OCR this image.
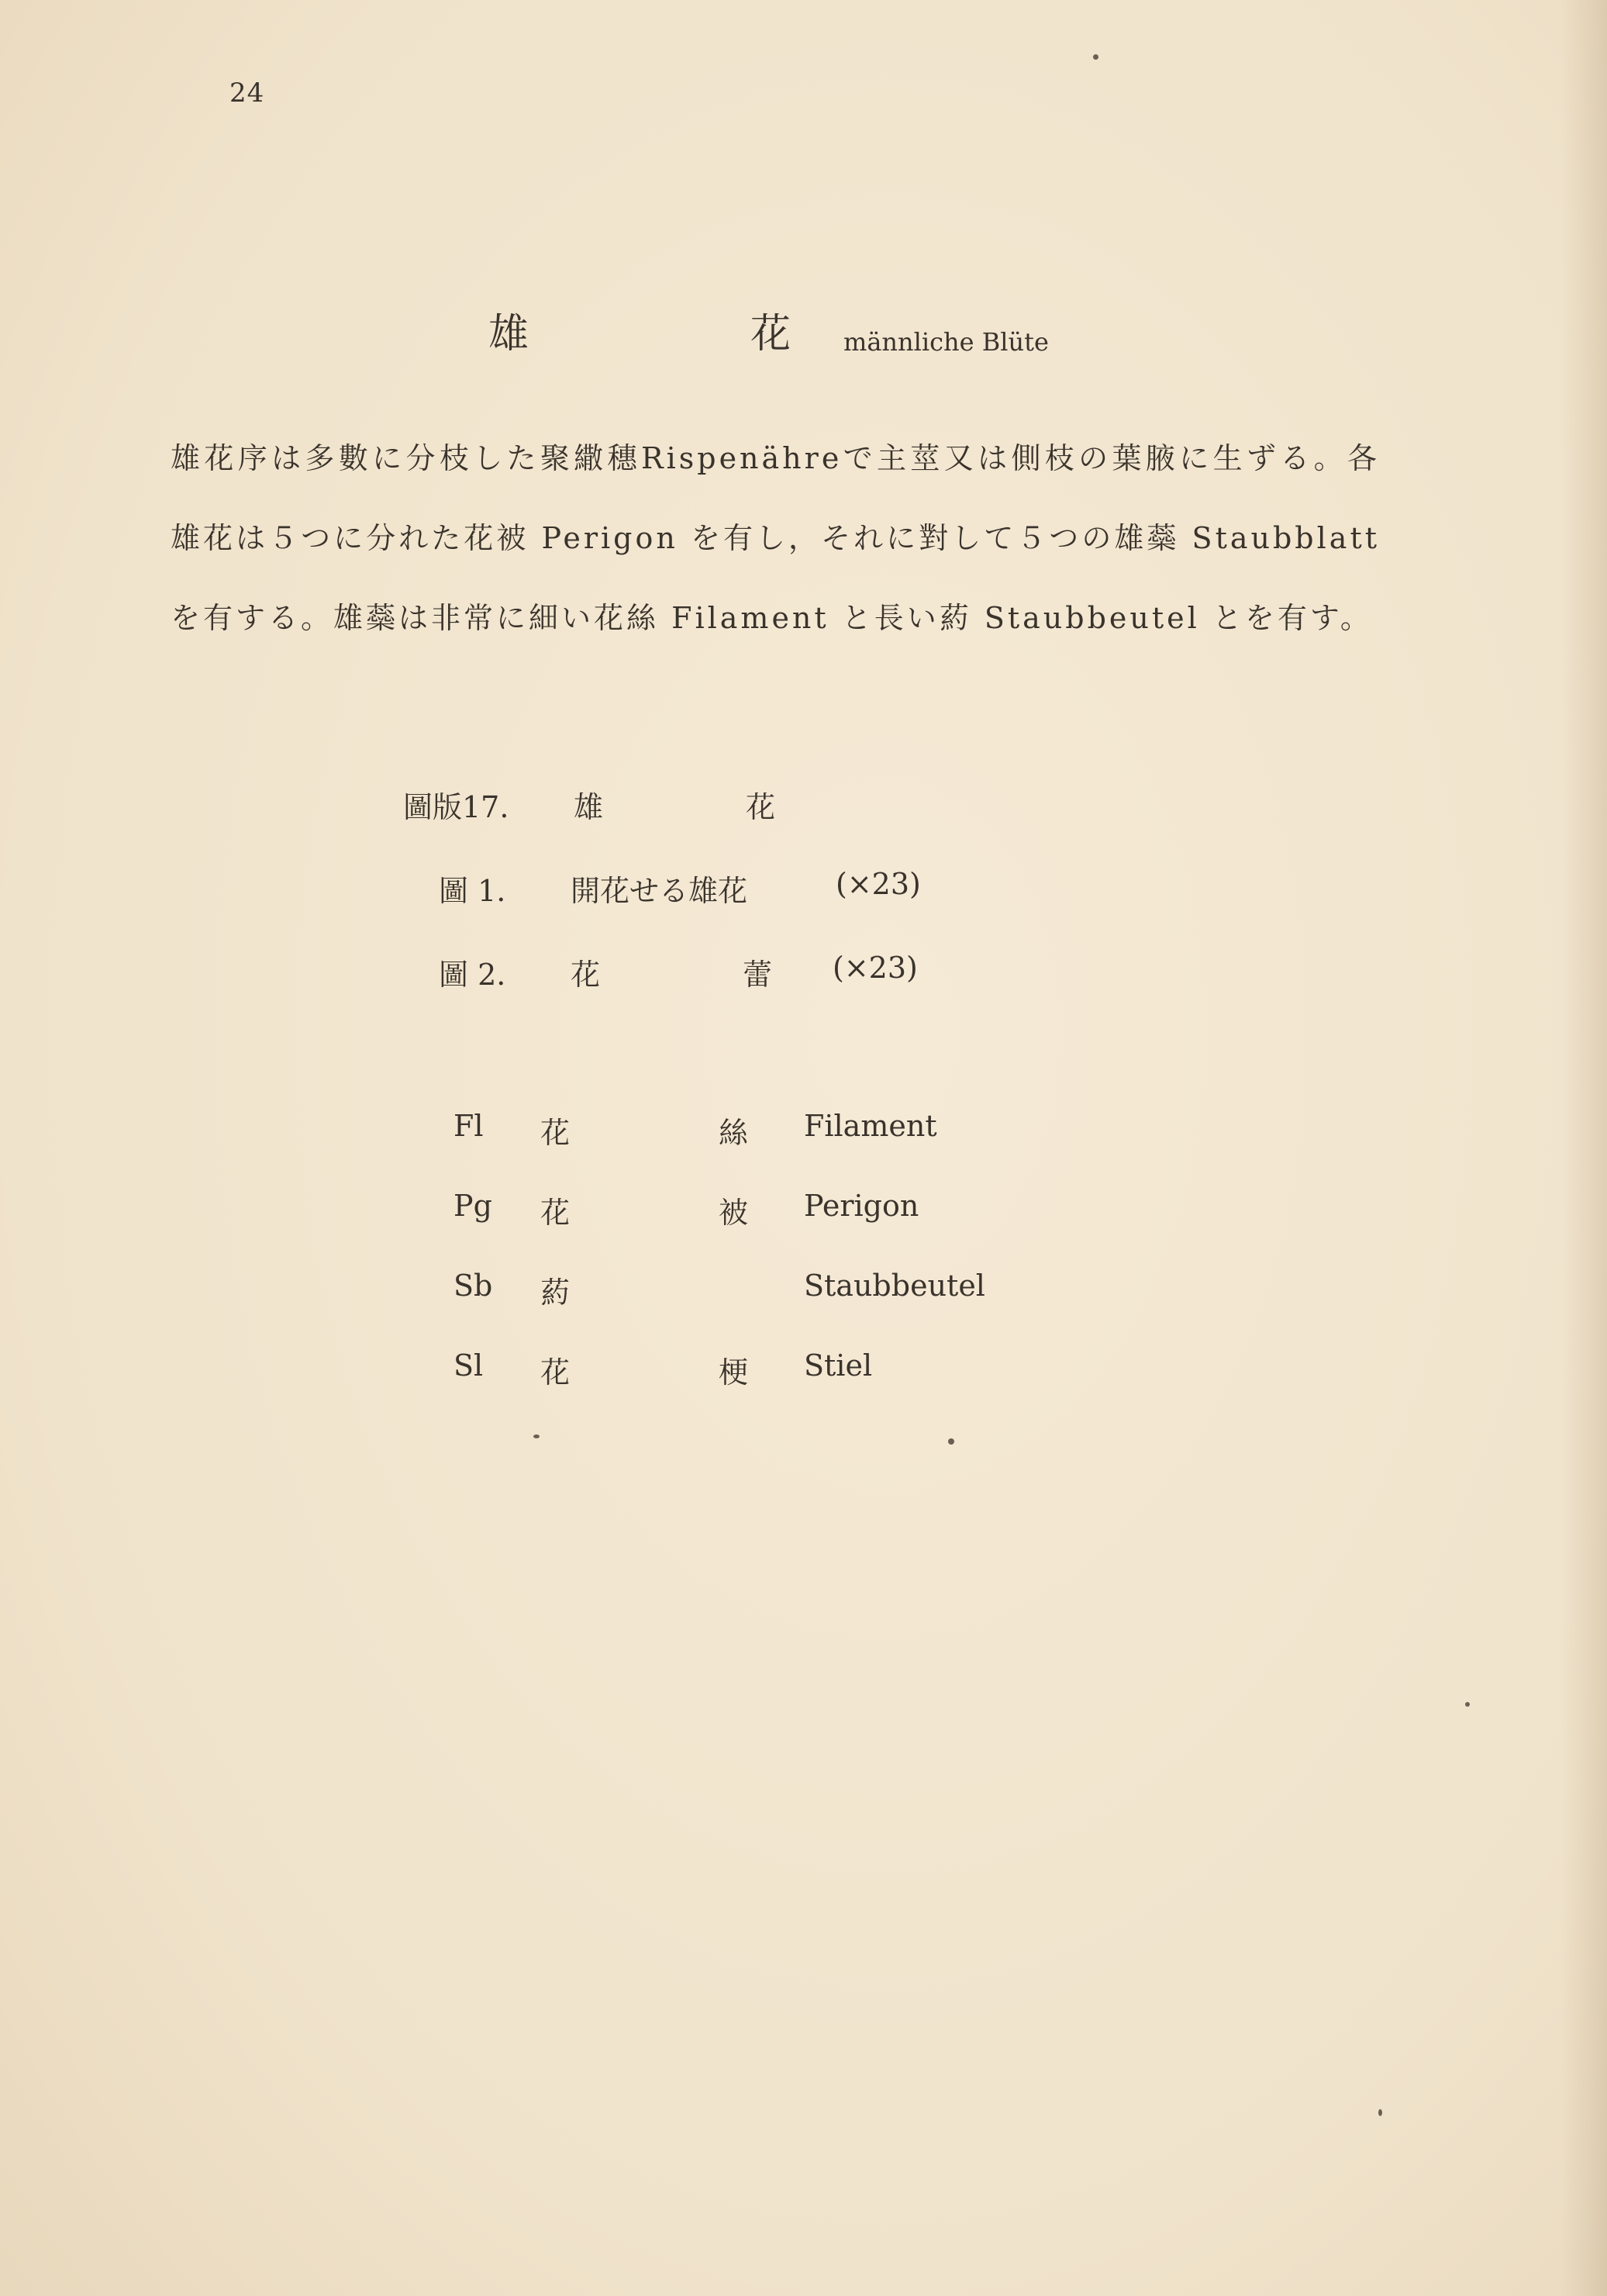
24
雄	花 männliche Blüte
雄花序は多數に分枝した聚繖穗Rispenähreで主莖又は側枝の葉腋に生ずる。各雄花は５つに分れた花被 Perigon を有し，それに對して５つの雄蘂 Staubblatt を有する。雄蘂は非常に細い花絲 Filament と長い葯 Staubbeutel とを有す。
圖版17. 雄	花
圖 1. 開花せる雄花	(×23)
圖 2. 花	蕾 (×23)
Fl 花	絲 Filament
Pg 花	被 Perigon
Sb 葯	Staubbeutel
Sl 花	梗 Stiel
